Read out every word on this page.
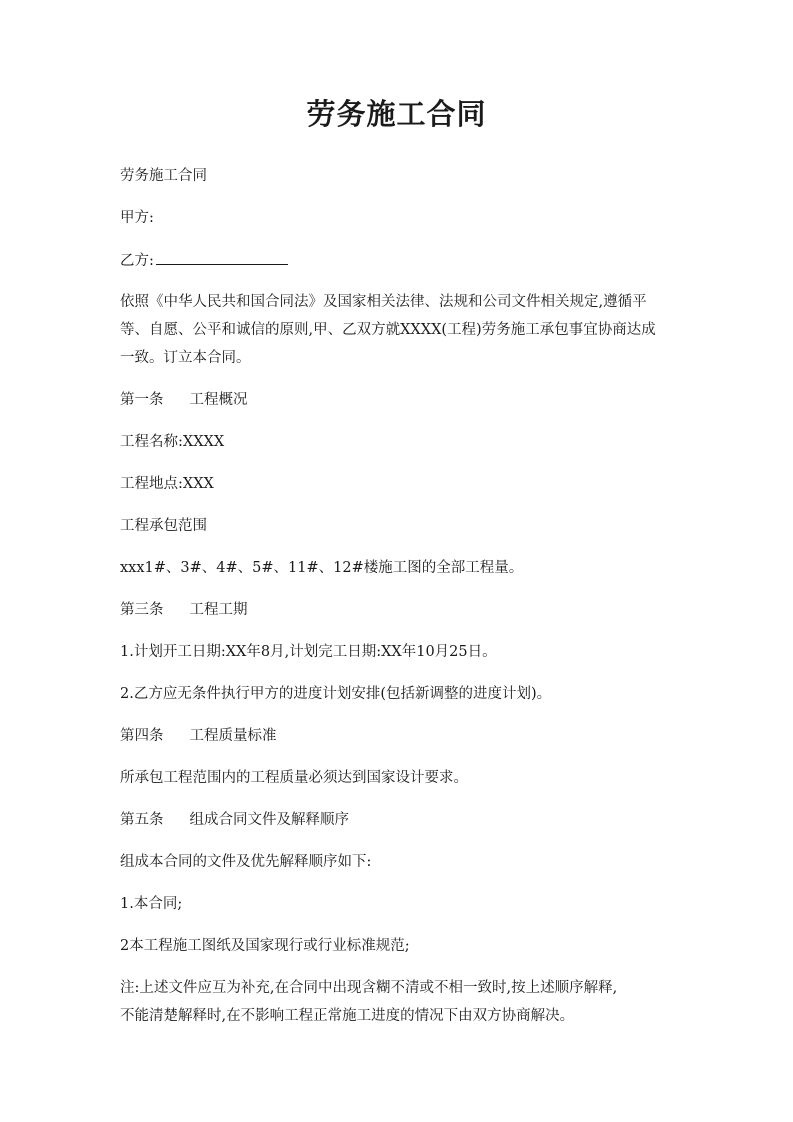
劳务施工合同
劳务施工合同
甲方:
乙方:
依照《中华人民共和国合同法》及国家相关法律、法规和公司文件相关规定,遵循平
等、自愿、公平和诚信的原则,甲、乙双方就XXXX(工程)劳务施工承包事宜协商达成
一致。订立本合同。
第一条 工程概况
工程名称:XXXX
工程地点:XXX
工程承包范围
xxx1#、3#、4#、5#、11#、12#楼施工图的全部工程量。
第三条 工程工期
1.计划开工日期:XX年8月,计划完工日期:XX年10月25日。
2.乙方应无条件执行甲方的进度计划安排(包括新调整的进度计划)。
第四条 工程质量标准
所承包工程范围内的工程质量必须达到国家设计要求。
第五条 组成合同文件及解释顺序
组成本合同的文件及优先解释顺序如下:
1.本合同;
2本工程施工图纸及国家现行或行业标准规范;
注:上述文件应互为补充,在合同中出现含糊不清或不相一致时,按上述顺序解释,
不能清楚解释时,在不影响工程正常施工进度的情况下由双方协商解决。
